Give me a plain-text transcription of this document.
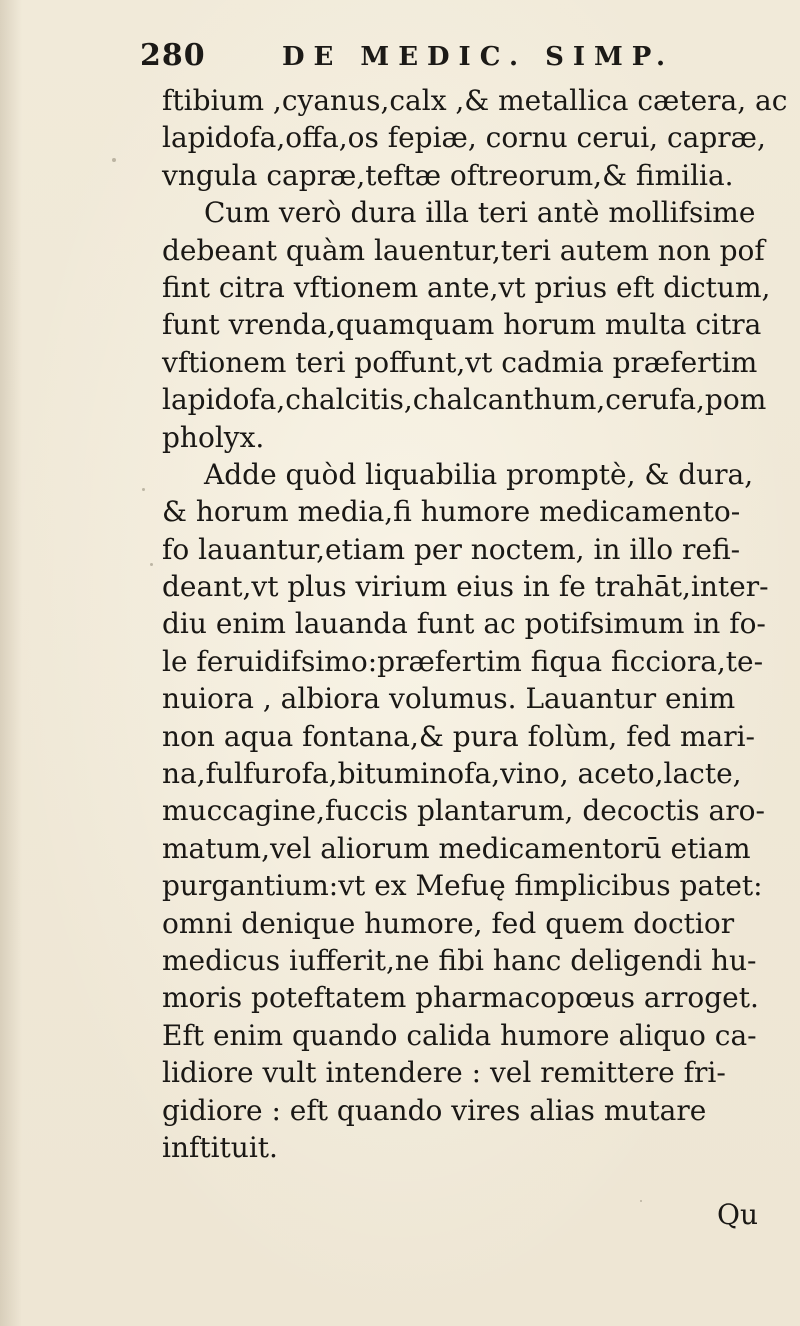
280	DE MEDIC. SIMP.
ftibium ,cyanus,calx ,& metallica cætera, ac
lapidofa,offa,os fepiæ, cornu cerui, capræ,
vngula capræ,teftæ oftreorum,& fimilia.
Cum verò dura illa teri antè mollifsime
debeant quàm lauentur,teri autem non pof
fint citra vftionem ante,vt prius eft dictum,
funt vrenda,quamquam horum multa citra
vftionem teri poffunt,vt cadmia præfertim
lapidofa,chalcitis,chalcanthum,cerufa,pom
pholyx.
Adde quòd liquabilia promptè, & dura,
& horum media,fi humore medicamento-
fo lauantur,etiam per noctem, in illo refi-
deant,vt plus virium eius in fe trahāt,inter-
diu enim lauanda funt ac potifsimum in fo-
le feruidifsimo:præfertim fiqua ficciora,te-
nuiora , albiora volumus. Lauantur enim
non aqua fontana,& pura folùm, fed mari-
na,fulfurofa,bituminofa,vino, aceto,lacte,
muccagine,fuccis plantarum, decoctis aro-
matum,vel aliorum medicamentorū etiam
purgantium:vt ex Mefuę fimplicibus patet:
omni denique humore, fed quem doctior
medicus iufferit,ne fibi hanc deligendi hu-
moris poteftatem pharmacopœus arroget.
Eft enim quando calida humore aliquo ca-
lidiore vult intendere : vel remittere fri-
gidiore : eft quando vires alias mutare
inftituit.
Qu
